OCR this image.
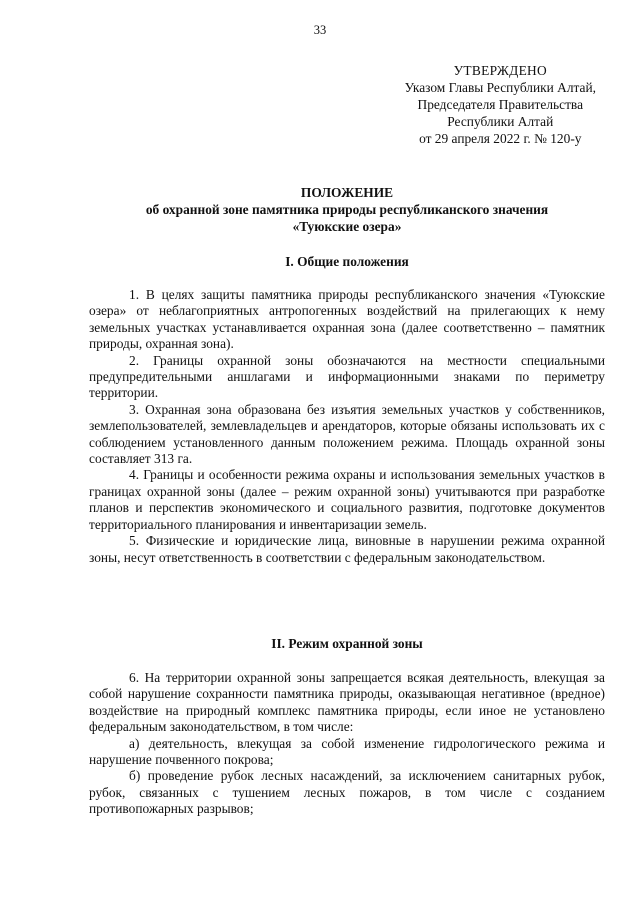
33
УТВЕРЖДЕНО
Указом Главы Республики Алтай,
Председателя Правительства
Республики Алтай
от 29 апреля 2022 г. № 120-у
ПОЛОЖЕНИЕ
об охранной зоне памятника природы республиканского значения
«Туюкские озера»
I. Общие положения

1. В целях защиты памятника природы республиканского значения «Туюкские озера» от неблагоприятных антропогенных воздействий на прилегающих к нему земельных участках устанавливается охранная зона (далее соответственно – памятник природы, охранная зона).

2. Границы охранной зоны обозначаются на местности специальными предупредительными аншлагами и информационными знаками по периметру территории.

3. Охранная зона образована без изъятия земельных участков у собственников, землепользователей, землевладельцев и арендаторов, которые обязаны использовать их с соблюдением установленного данным положением режима. Площадь охранной зоны составляет 313 га.

4. Границы и особенности режима охраны и использования земельных участков в границах охранной зоны (далее – режим охранной зоны) учитываются при разработке планов и перспектив экономического и социального развития, подготовке документов территориального планирования и инвентаризации земель.

5. Физические и юридические лица, виновные в нарушении режима охранной зоны, несут ответственность в соответствии с федеральным законодательством.

II. Режим охранной зоны

6. На территории охранной зоны запрещается всякая деятельность, влекущая за собой нарушение сохранности памятника природы, оказывающая негативное (вредное) воздействие на природный комплекс памятника природы, если иное не установлено федеральным законодательством, в том числе:

а) деятельность, влекущая за собой изменение гидрологического режима и нарушение почвенного покрова;

б) проведение рубок лесных насаждений, за исключением санитарных рубок, рубок, связанных с тушением лесных пожаров, в том числе с созданием противопожарных разрывов;
